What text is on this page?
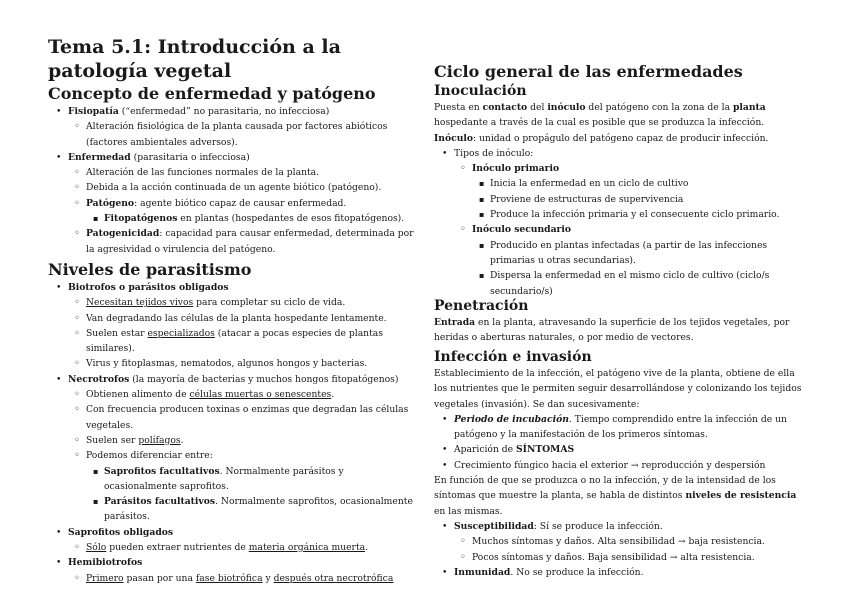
Tema 5.1: Introducción a la patología vegetal
Concepto de enfermedad y patógeno
• Fisiopatía (“enfermedad” no parasitaria, no infecciosa)
◦ Alteración fisiológica de la planta causada por factores abióticos (factores ambientales adversos).
• Enfermedad (parasitaria o infecciosa)
◦ Alteración de las funciones normales de la planta.
◦ Debida a la acción continuada de un agente biótico (patógeno).
◦ Patógeno: agente biótico capaz de causar enfermedad.
▪ Fitopatógenos en plantas (hospedantes de esos fitopatógenos).
◦ Patogenicidad: capacidad para causar enfermedad, determinada por la agresividad o virulencia del patógeno.
Niveles de parasitismo
• Biotrofos o parásitos obligados
◦ Necesitan tejidos vivos para completar su ciclo de vida.
◦ Van degradando las células de la planta hospedante lentamente.
◦ Suelen estar especializados (atacar a pocas especies de plantas similares).
◦ Virus y fitoplasmas, nematodos, algunos hongos y bacterias.
• Necrotrofos (la mayoría de bacterias y muchos hongos fitopatógenos)
◦ Obtienen alimento de células muertas o senescentes.
◦ Con frecuencia producen toxinas o enzimas que degradan las células vegetales.
◦ Suelen ser polífagos.
◦ Podemos diferenciar entre:
▪ Saprofitos facultativos. Normalmente parásitos y ocasionalmente saprofitos.
▪ Parásitos facultativos. Normalmente saprofitos, ocasionalmente parásitos.
• Saprofitos obligados
◦ Sólo pueden extraer nutrientes de materia orgánica muerta.
• Hemibiotrofos
◦ Primero pasan por una fase biotrófica y después otra necrotrófica
Ciclo general de las enfermedades
Inoculación

Puesta en contacto del inóculo del patógeno con la zona de la planta hospedante a través de la cual es posible que se produzca la infección.

Inóculo: unidad o propágulo del patógeno capaz de producir infección.

• Tipos de inóculo:
◦ Inóculo primario
▪ Inicia la enfermedad en un ciclo de cultivo
▪ Proviene de estructuras de supervivencia
▪ Produce la infección primaria y el consecuente ciclo primario.
◦ Inóculo secundario
▪ Producido en plantas infectadas (a partir de las infecciones primarias u otras secundarias).
▪ Dispersa la enfermedad en el mismo ciclo de cultivo (ciclo/s secundario/s)
Penetración

Entrada en la planta, atravesando la superficie de los tejidos vegetales, por heridas o aberturas naturales, o por medio de vectores.

Infección e invasión

Establecimiento de la infección, el patógeno vive de la planta, obtiene de ella los nutrientes que le permiten seguir desarrollándose y colonizando los tejidos vegetales (invasión). Se dan sucesivamente:

• Periodo de incubación. Tiempo comprendido entre la infección de un patógeno y la manifestación de los primeros síntomas.
• Aparición de SÍNTOMAS
• Crecimiento fúngico hacia el exterior → reproducción y despersión

En función de que se produzca o no la infección, y de la intensidad de los síntomas que muestre la planta, se habla de distintos niveles de resistencia en las mismas.

• Susceptibilidad: Sí se produce la infección.
◦ Muchos síntomas y daños. Alta sensibilidad → baja resistencia.
◦ Pocos síntomas y daños. Baja sensibilidad → alta resistencia.
• Inmunidad. No se produce la infección.
